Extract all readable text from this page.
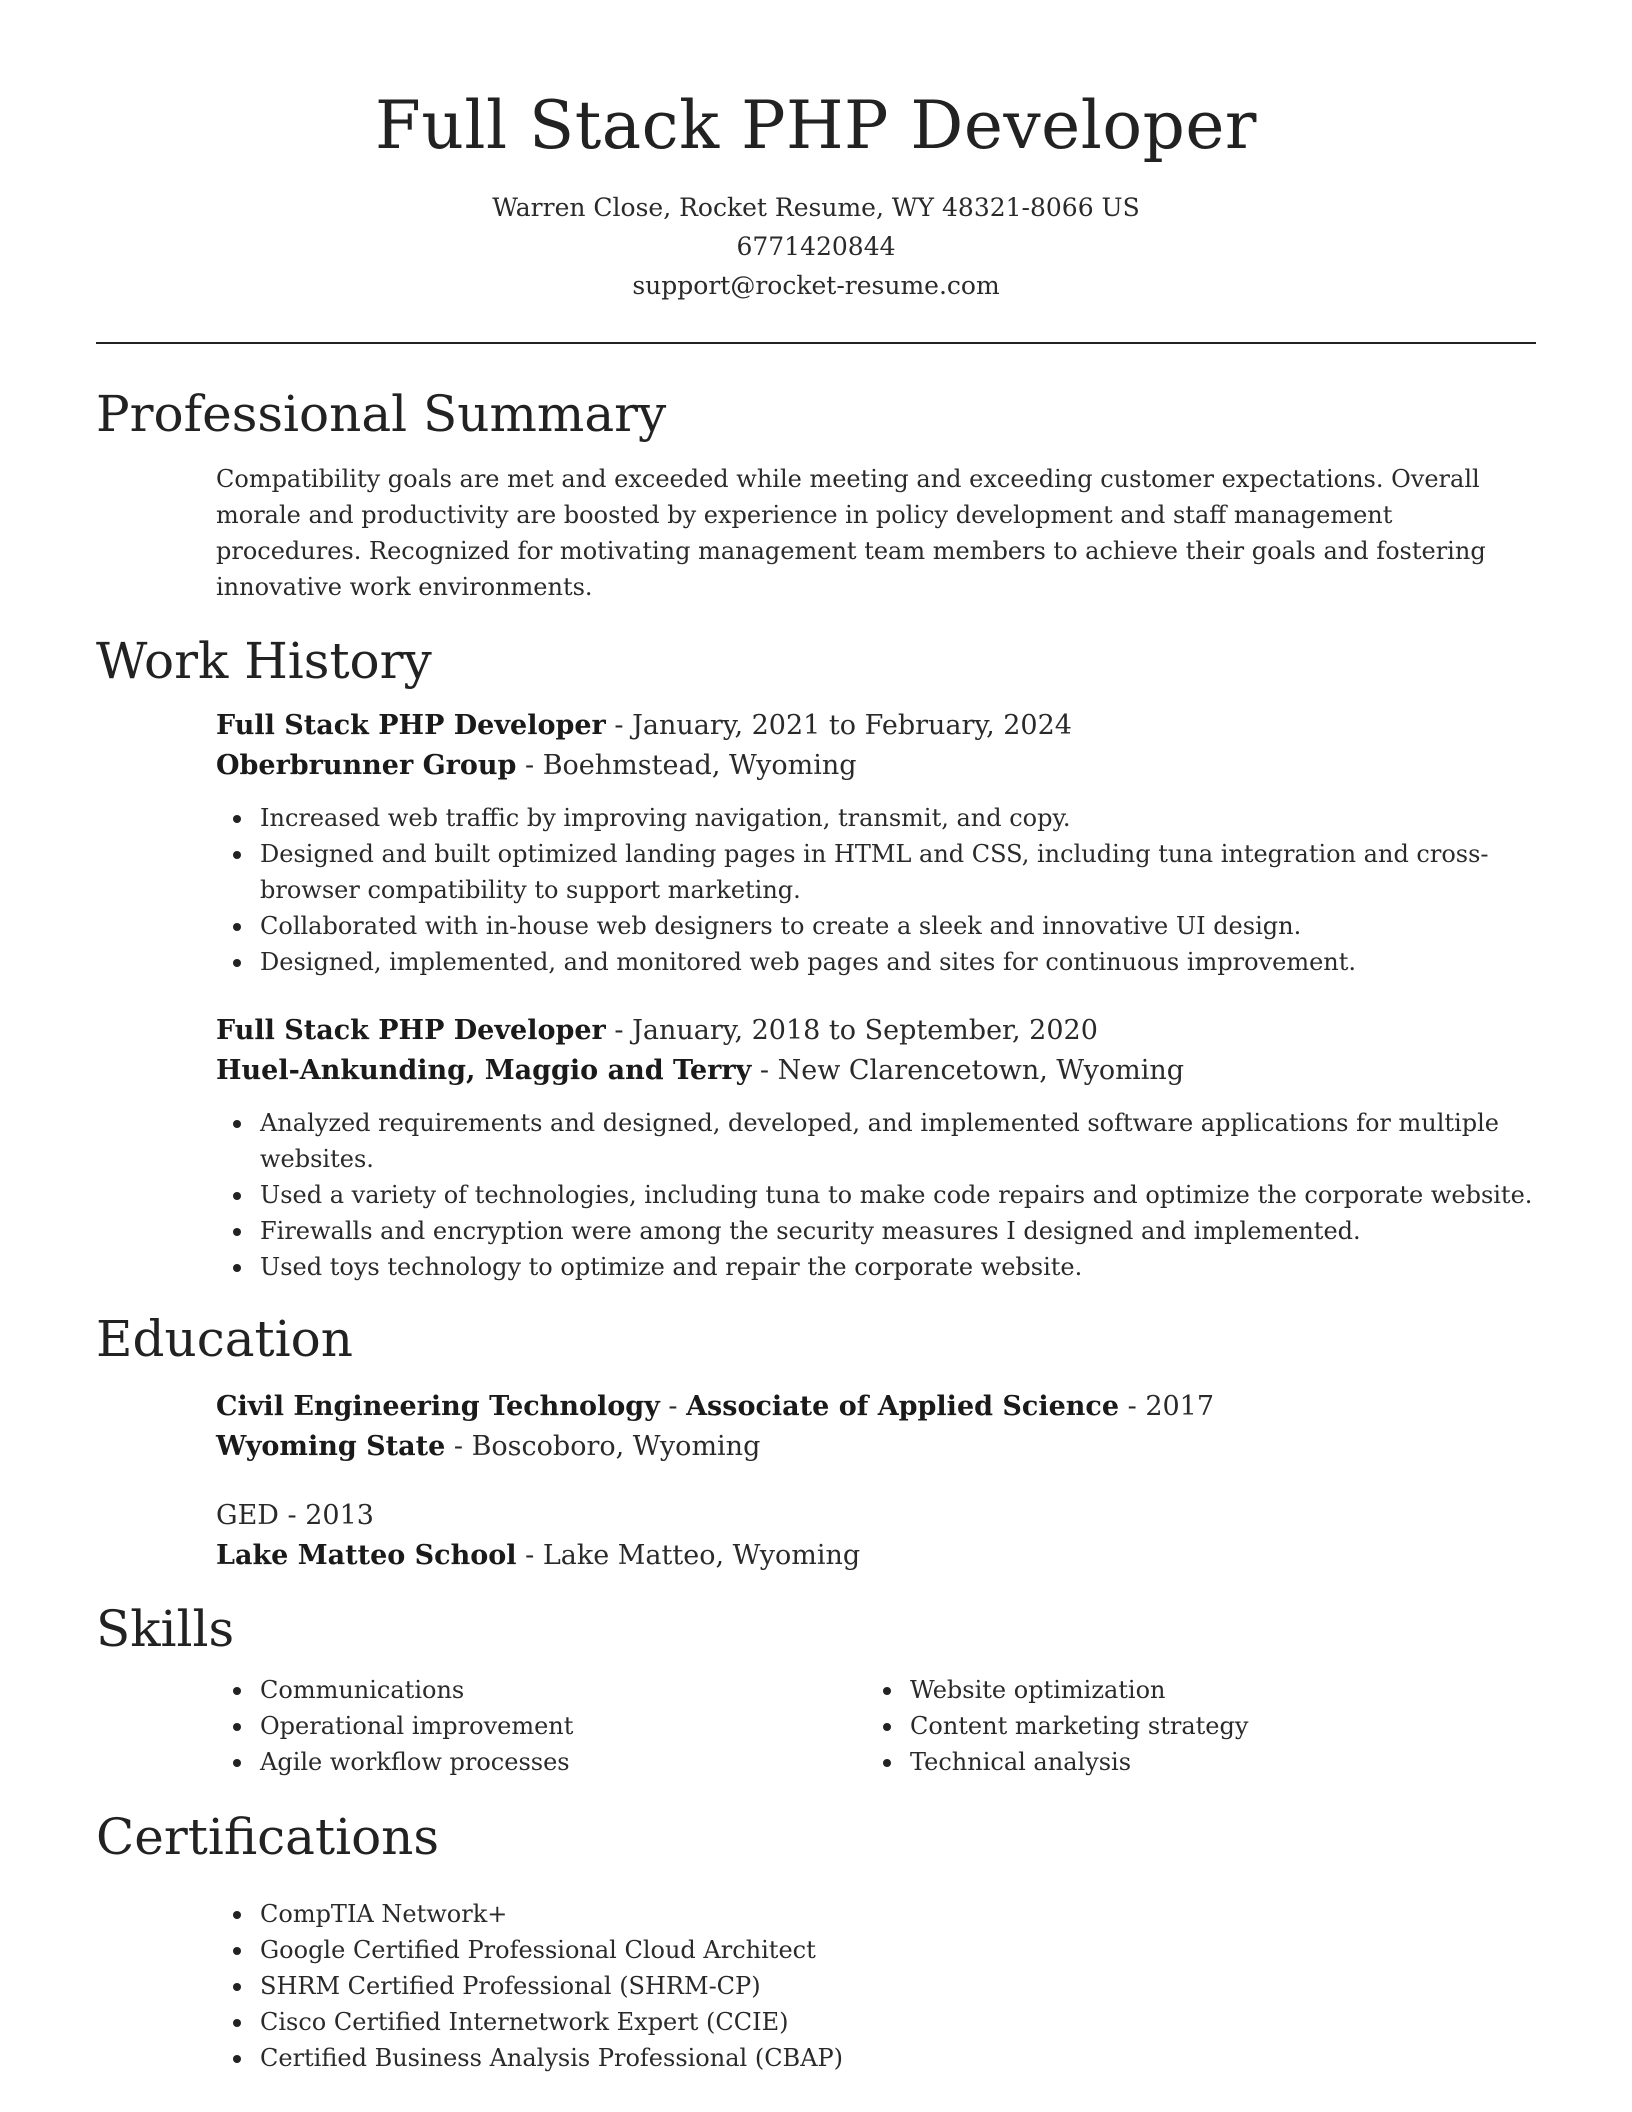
Full Stack PHP Developer
Warren Close, Rocket Resume, WY 48321-8066 US
6771420844
support@rocket-resume.com
Professional Summary

Compatibility goals are met and exceeded while meeting and exceeding customer expectations. Overall morale and productivity are boosted by experience in policy development and staff management procedures. Recognized for motivating management team members to achieve their goals and fostering innovative work environments.

Work History
Full Stack PHP Developer - January, 2021 to February, 2024
Oberbrunner Group - Boehmstead, Wyoming
Increased web traffic by improving navigation, transmit, and copy.
Designed and built optimized landing pages in HTML and CSS, including tuna integration and cross-browser compatibility to support marketing.
Collaborated with in-house web designers to create a sleek and innovative UI design.
Designed, implemented, and monitored web pages and sites for continuous improvement.
Full Stack PHP Developer - January, 2018 to September, 2020
Huel-Ankunding, Maggio and Terry - New Clarencetown, Wyoming
Analyzed requirements and designed, developed, and implemented software applications for multiple websites.
Used a variety of technologies, including tuna to make code repairs and optimize the corporate website.
Firewalls and encryption were among the security measures I designed and implemented.
Used toys technology to optimize and repair the corporate website.
Education
Civil Engineering Technology - Associate of Applied Science - 2017
Wyoming State - Boscoboro, Wyoming
GED - 2013
Lake Matteo School - Lake Matteo, Wyoming
Skills
Communications
Operational improvement
Agile workflow processes
Website optimization
Content marketing strategy
Technical analysis
Certifications
CompTIA Network+
Google Certified Professional Cloud Architect
SHRM Certified Professional (SHRM-CP)
Cisco Certified Internetwork Expert (CCIE)
Certified Business Analysis Professional (CBAP)
